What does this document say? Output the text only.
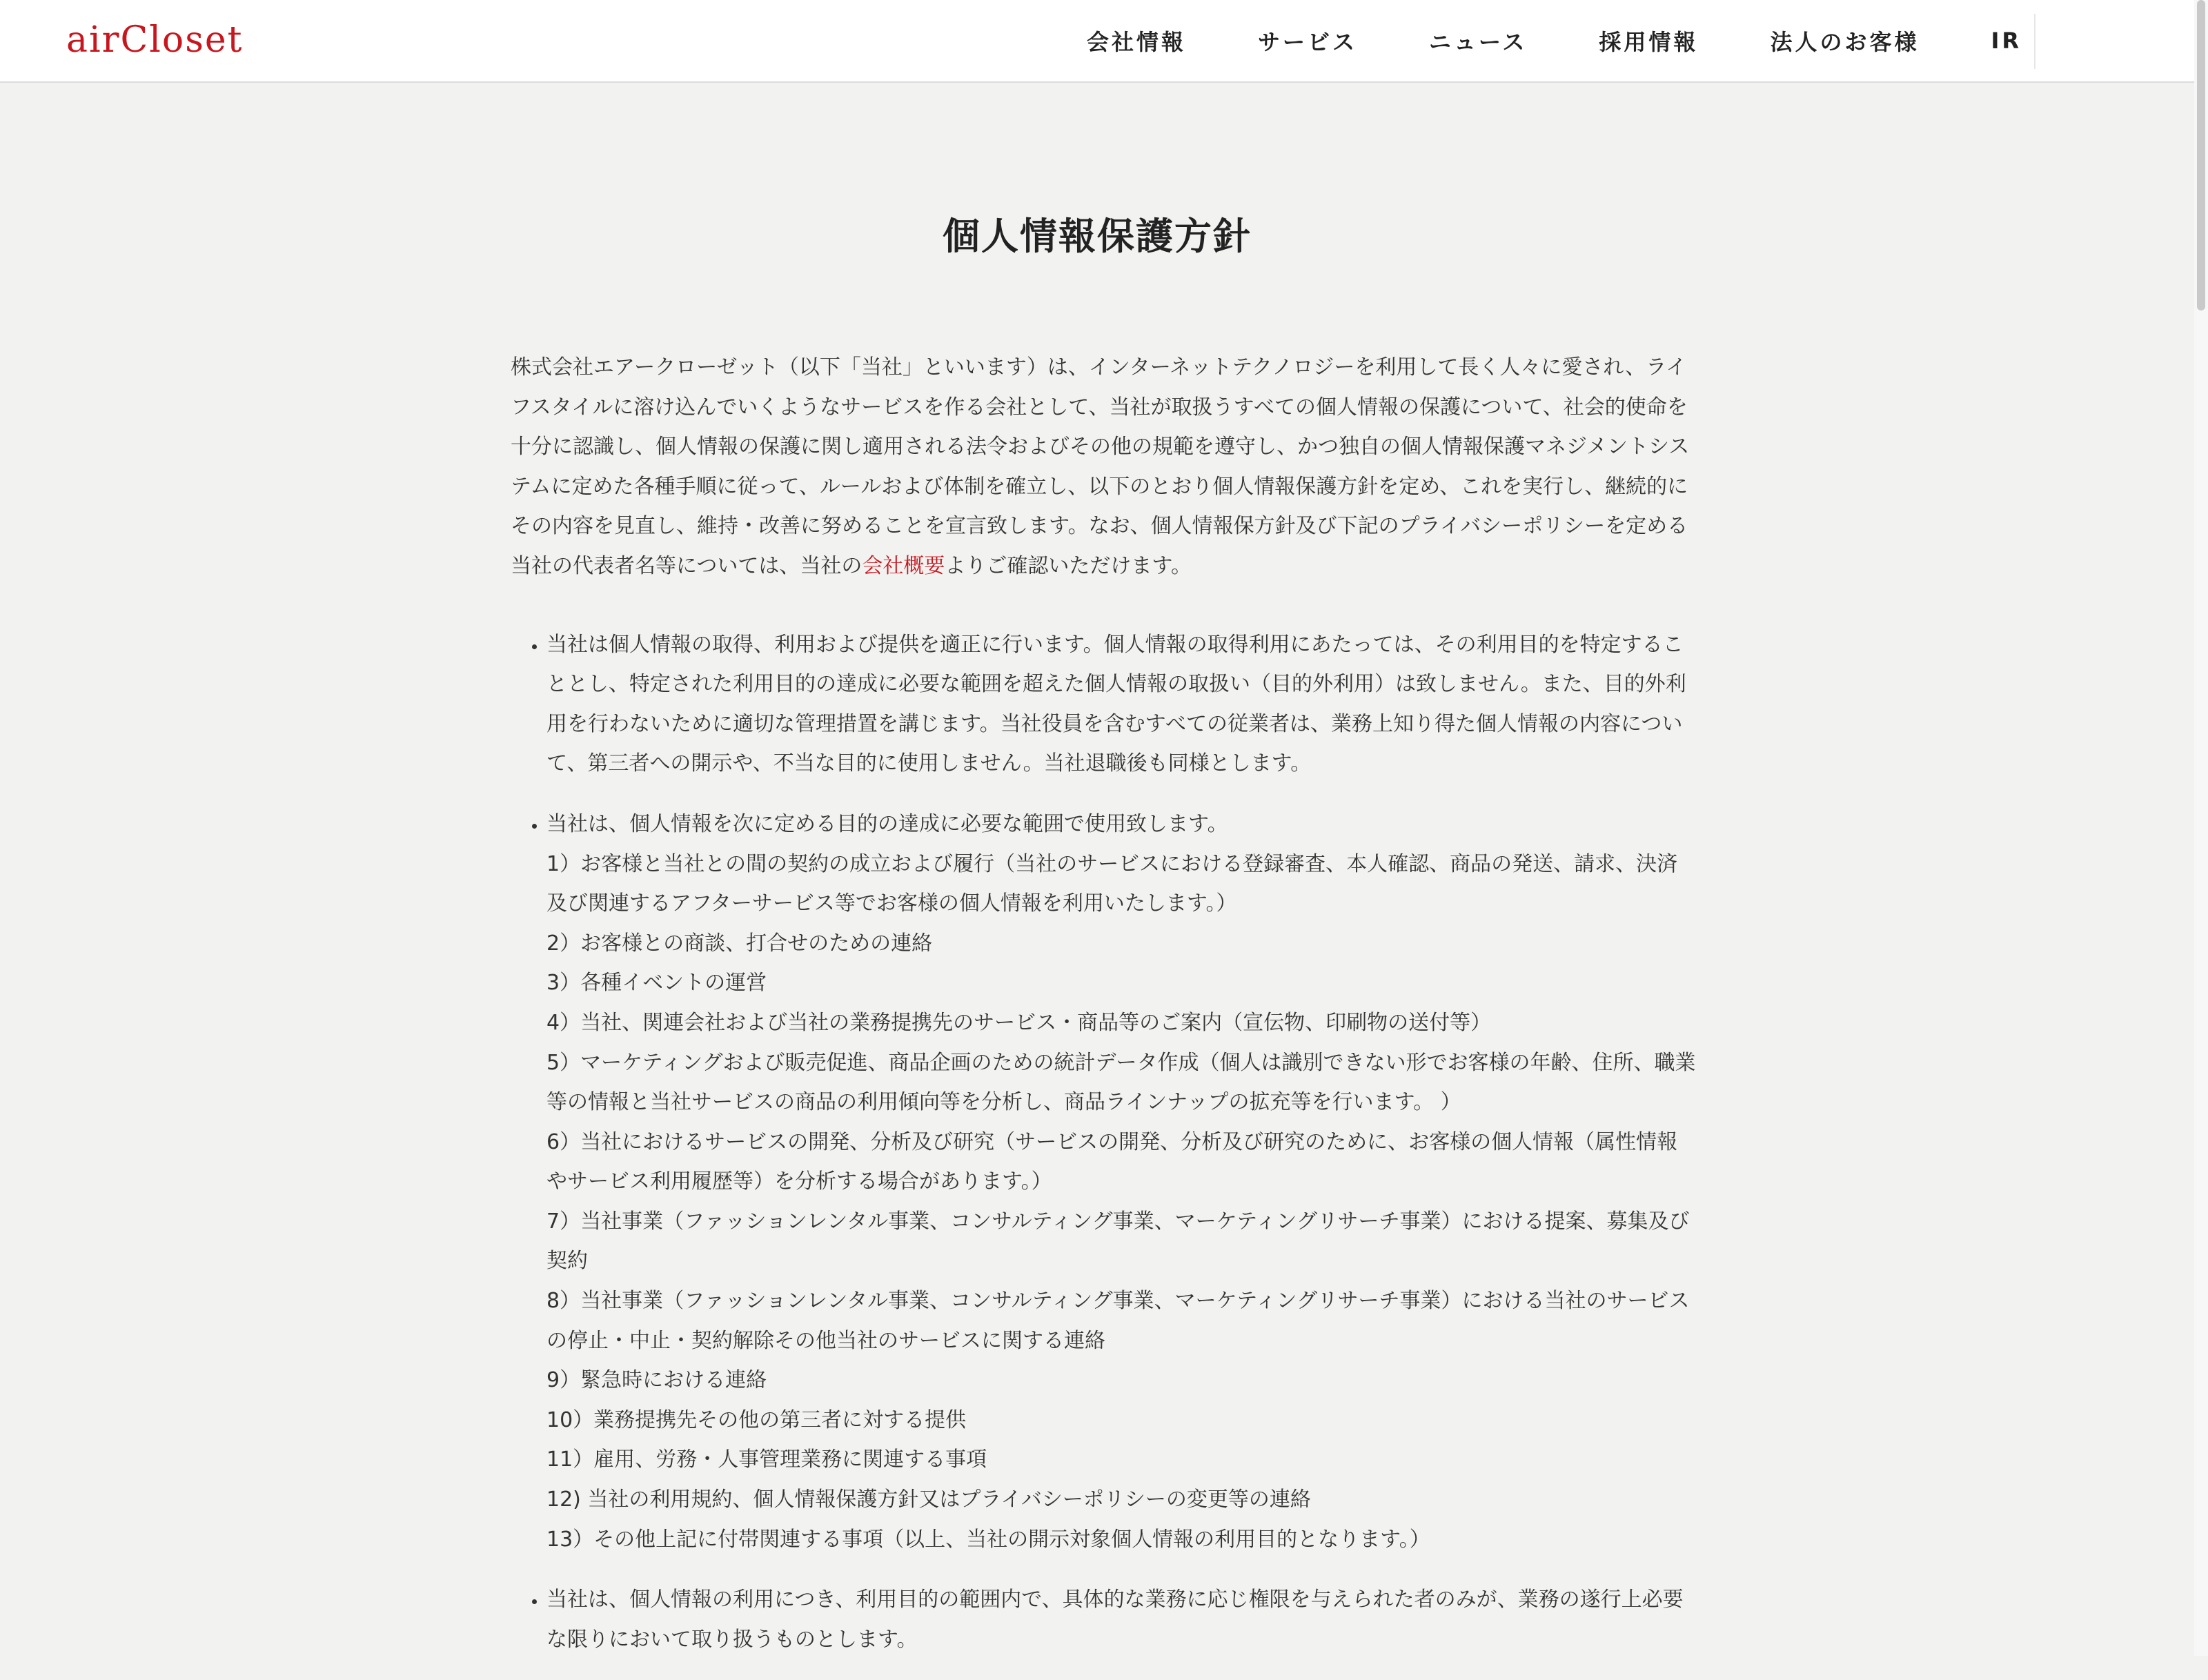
airCloset	会社情報	サービス	ニュース	採用情報	法人のお客様	IR
個人情報保護方針

株式会社エアークローゼット（以下「当社」といいます）は、インターネットテクノロジーを利用して長く人々に愛され、ライフスタイルに溶け込んでいくようなサービスを作る会社として、当社が取扱うすべての個人情報の保護について、社会的使命を十分に認識し、個人情報の保護に関し適用される法令およびその他の規範を遵守し、かつ独自の個人情報保護マネジメントシステムに定めた各種手順に従って、ルールおよび体制を確立し、以下のとおり個人情報保護方針を定め、これを実行し、継続的にその内容を見直し、維持・改善に努めることを宣言致します。なお、個人情報保方針及び下記のプライバシーポリシーを定める当社の代表者名等については、当社の会社概要よりご確認いただけます。

• 当社は個人情報の取得、利用および提供を適正に行います。個人情報の取得利用にあたっては、その利用目的を特定することとし、特定された利用目的の達成に必要な範囲を超えた個人情報の取扱い（目的外利用）は致しません。また、目的外利用を行わないために適切な管理措置を講じます。当社役員を含むすべての従業者は、業務上知り得た個人情報の内容について、第三者への開示や、不当な目的に使用しません。当社退職後も同様とします。
• 当社は、個人情報を次に定める目的の達成に必要な範囲で使用致します。
1）お客様と当社との間の契約の成立および履行（当社のサービスにおける登録審査、本人確認、商品の発送、請求、決済及び関連するアフターサービス等でお客様の個人情報を利用いたします。）
2）お客様との商談、打合せのための連絡
3）各種イベントの運営
4）当社、関連会社および当社の業務提携先のサービス・商品等のご案内（宣伝物、印刷物の送付等）
5）マーケティングおよび販売促進、商品企画のための統計データ作成（個人は識別できない形でお客様の年齢、住所、職業等の情報と当社サービスの商品の利用傾向等を分析し、商品ラインナップの拡充等を行います。 ）
6）当社におけるサービスの開発、分析及び研究（サービスの開発、分析及び研究のために、お客様の個人情報（属性情報やサービス利用履歴等）を分析する場合があります。）
7）当社事業（ファッションレンタル事業、コンサルティング事業、マーケティングリサーチ事業）における提案、募集及び契約
8）当社事業（ファッションレンタル事業、コンサルティング事業、マーケティングリサーチ事業）における当社のサービスの停止・中止・契約解除その他当社のサービスに関する連絡
9）緊急時における連絡
10）業務提携先その他の第三者に対する提供
11）雇用、労務・人事管理業務に関連する事項
12) 当社の利用規約、個人情報保護方針又はプライバシーポリシーの変更等の連絡
13）その他上記に付帯関連する事項（以上、当社の開示対象個人情報の利用目的となります。）
• 当社は、個人情報の利用につき、利用目的の範囲内で、具体的な業務に応じ権限を与えられた者のみが、業務の遂行上必要な限りにおいて取り扱うものとします。
